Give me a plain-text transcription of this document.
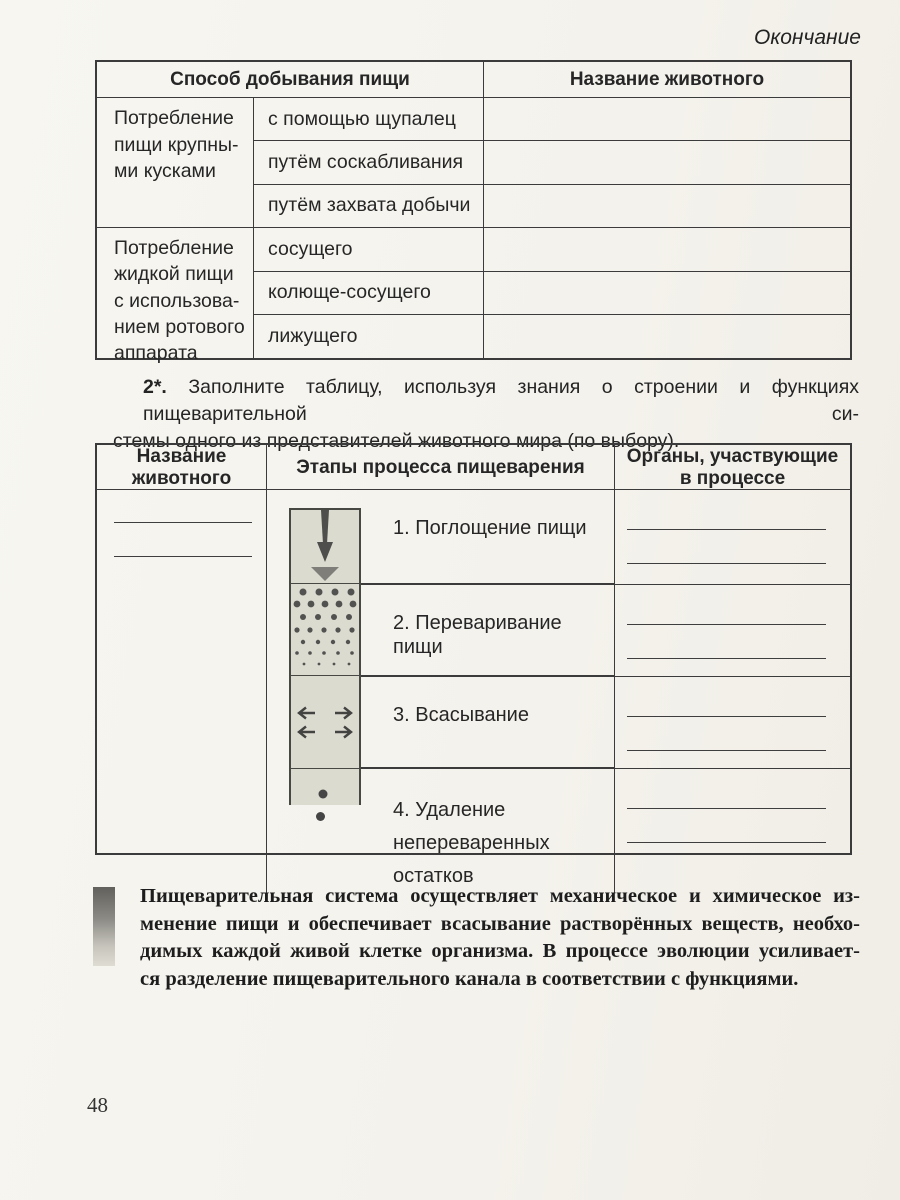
Окончание
Способ добывания пищи	Название животного
Потребление
пищи крупны-
ми кусками
с помощью щупалец
путём соскабливания
путём захвата добычи
Потребление
жидкой пищи
с использова-
нием ротового
аппарата
сосущего
колюще-сосущего
лижущего
2*. Заполните таблицу, используя знания о строении и функциях пищеварительной си-
стемы одного из представителей животного мира (по выбору).
Название
животного
Этапы процесса пищеварения
Органы, участвующие
в процессе
1. Поглощение пищи
2. Переваривание пищи
3. Всасывание
4. Удаление
непереваренных остатков
Пищеварительная система осуществляет механическое и химическое из-
менение пищи и обеспечивает всасывание растворённых веществ, необхо-
димых каждой живой клетке организма. В процессе эволюции усиливает-
ся разделение пищеварительного канала в соответствии с функциями.
48
